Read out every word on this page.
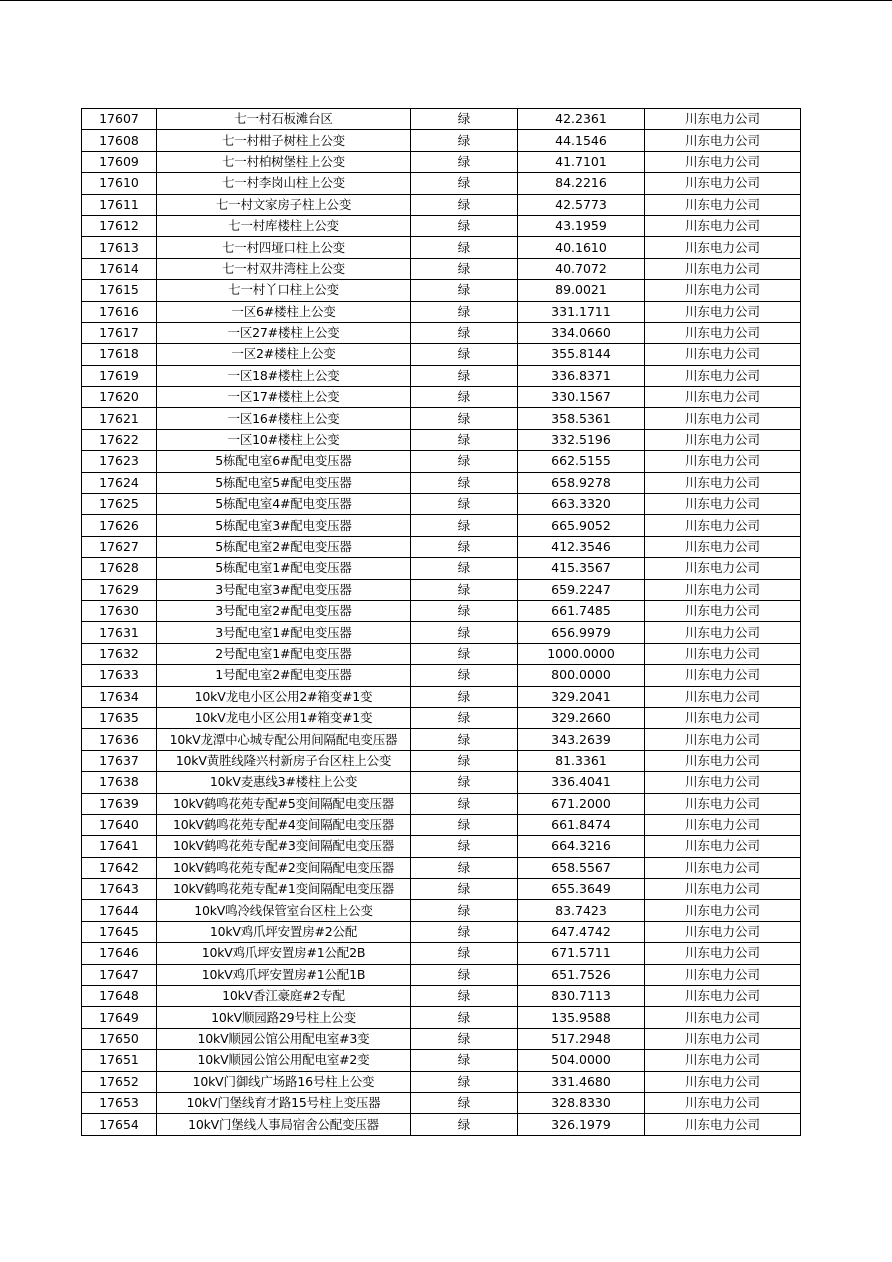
17607	七一村石板滩台区	绿	42.2361	川东电力公司
17608	七一村柑子树柱上公变	绿	44.1546	川东电力公司
17609	七一村柏树堡柱上公变	绿	41.7101	川东电力公司
17610	七一村李岗山柱上公变	绿	84.2216	川东电力公司
17611	七一村文家房子柱上公变	绿	42.5773	川东电力公司
17612	七一村库楼柱上公变	绿	43.1959	川东电力公司
17613	七一村四垭口柱上公变	绿	40.1610	川东电力公司
17614	七一村双井湾柱上公变	绿	40.7072	川东电力公司
17615	七一村丫口柱上公变	绿	89.0021	川东电力公司
17616	一区6#楼柱上公变	绿	331.1711	川东电力公司
17617	一区27#楼柱上公变	绿	334.0660	川东电力公司
17618	一区2#楼柱上公变	绿	355.8144	川东电力公司
17619	一区18#楼柱上公变	绿	336.8371	川东电力公司
17620	一区17#楼柱上公变	绿	330.1567	川东电力公司
17621	一区16#楼柱上公变	绿	358.5361	川东电力公司
17622	一区10#楼柱上公变	绿	332.5196	川东电力公司
17623	5栋配电室6#配电变压器	绿	662.5155	川东电力公司
17624	5栋配电室5#配电变压器	绿	658.9278	川东电力公司
17625	5栋配电室4#配电变压器	绿	663.3320	川东电力公司
17626	5栋配电室3#配电变压器	绿	665.9052	川东电力公司
17627	5栋配电室2#配电变压器	绿	412.3546	川东电力公司
17628	5栋配电室1#配电变压器	绿	415.3567	川东电力公司
17629	3号配电室3#配电变压器	绿	659.2247	川东电力公司
17630	3号配电室2#配电变压器	绿	661.7485	川东电力公司
17631	3号配电室1#配电变压器	绿	656.9979	川东电力公司
17632	2号配电室1#配电变压器	绿	1000.0000	川东电力公司
17633	1号配电室2#配电变压器	绿	800.0000	川东电力公司
17634	10kV龙电小区公用2#箱变#1变	绿	329.2041	川东电力公司
17635	10kV龙电小区公用1#箱变#1变	绿	329.2660	川东电力公司
17636	10kV龙潭中心城专配公用间隔配电变压器	绿	343.2639	川东电力公司
17637	10kV黄胜线隆兴村新房子台区柱上公变	绿	81.3361	川东电力公司
17638	10kV麦惠线3#楼柱上公变	绿	336.4041	川东电力公司
17639	10kV鹤鸣花苑专配#5变间隔配电变压器	绿	671.2000	川东电力公司
17640	10kV鹤鸣花苑专配#4变间隔配电变压器	绿	661.8474	川东电力公司
17641	10kV鹤鸣花苑专配#3变间隔配电变压器	绿	664.3216	川东电力公司
17642	10kV鹤鸣花苑专配#2变间隔配电变压器	绿	658.5567	川东电力公司
17643	10kV鹤鸣花苑专配#1变间隔配电变压器	绿	655.3649	川东电力公司
17644	10kV鸣冷线保管室台区柱上公变	绿	83.7423	川东电力公司
17645	10kV鸡爪坪安置房#2公配	绿	647.4742	川东电力公司
17646	10kV鸡爪坪安置房#1公配2B	绿	671.5711	川东电力公司
17647	10kV鸡爪坪安置房#1公配1B	绿	651.7526	川东电力公司
17648	10kV香江豪庭#2专配	绿	830.7113	川东电力公司
17649	10kV顺园路29号柱上公变	绿	135.9588	川东电力公司
17650	10kV顺园公馆公用配电室#3变	绿	517.2948	川东电力公司
17651	10kV顺园公馆公用配电室#2变	绿	504.0000	川东电力公司
17652	10kV门御线广场路16号柱上公变	绿	331.4680	川东电力公司
17653	10kV门堡线育才路15号柱上变压器	绿	328.8330	川东电力公司
17654	10kV门堡线人事局宿舍公配变压器	绿	326.1979	川东电力公司
